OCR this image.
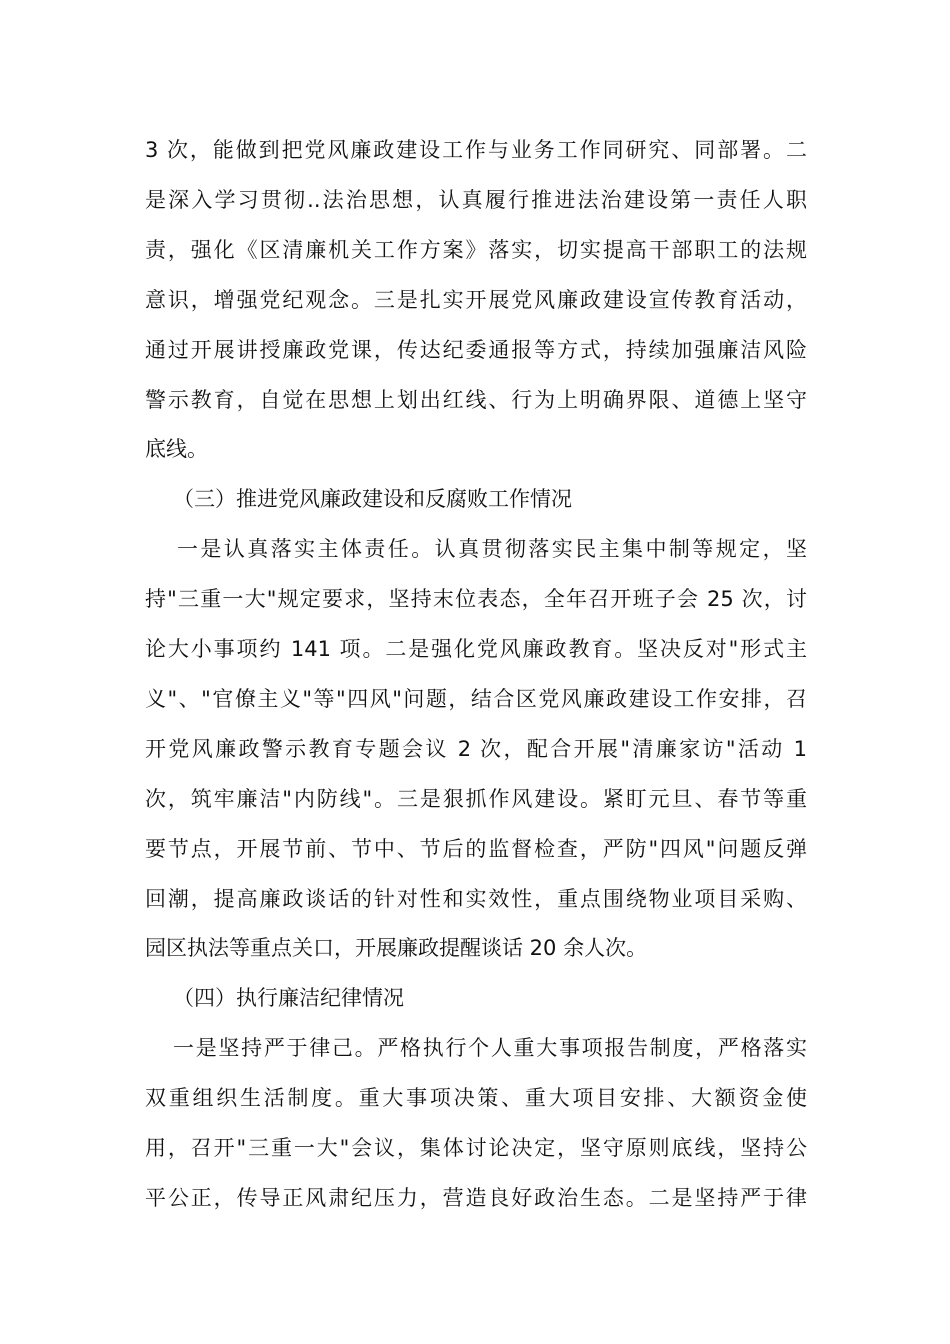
3 次，能做到把党风廉政建设工作与业务工作同研究、同部署。二
是深入学习贯彻..法治思想，认真履行推进法治建设第一责任人职
责，强化《区清廉机关工作方案》落实，切实提高干部职工的法规
意识，增强党纪观念。三是扎实开展党风廉政建设宣传教育活动，
通过开展讲授廉政党课，传达纪委通报等方式，持续加强廉洁风险
警示教育，自觉在思想上划出红线、行为上明确界限、道德上坚守
底线。
（三）推进党风廉政建设和反腐败工作情况
一是认真落实主体责任。认真贯彻落实民主集中制等规定，坚
持"三重一大"规定要求，坚持末位表态，全年召开班子会 25 次，讨
论大小事项约 141 项。二是强化党风廉政教育。坚决反对"形式主
义"、"官僚主义"等"四风"问题，结合区党风廉政建设工作安排，召
开党风廉政警示教育专题会议 2 次，配合开展"清廉家访"活动 1
次，筑牢廉洁"内防线"。三是狠抓作风建设。紧盯元旦、春节等重
要节点，开展节前、节中、节后的监督检查，严防"四风"问题反弹
回潮，提高廉政谈话的针对性和实效性，重点围绕物业项目采购、
园区执法等重点关口，开展廉政提醒谈话 20 余人次。
（四）执行廉洁纪律情况
一是坚持严于律己。严格执行个人重大事项报告制度，严格落实
双重组织生活制度。重大事项决策、重大项目安排、大额资金使
用，召开"三重一大"会议，集体讨论决定，坚守原则底线，坚持公
平公正，传导正风肃纪压力，营造良好政治生态。二是坚持严于律
